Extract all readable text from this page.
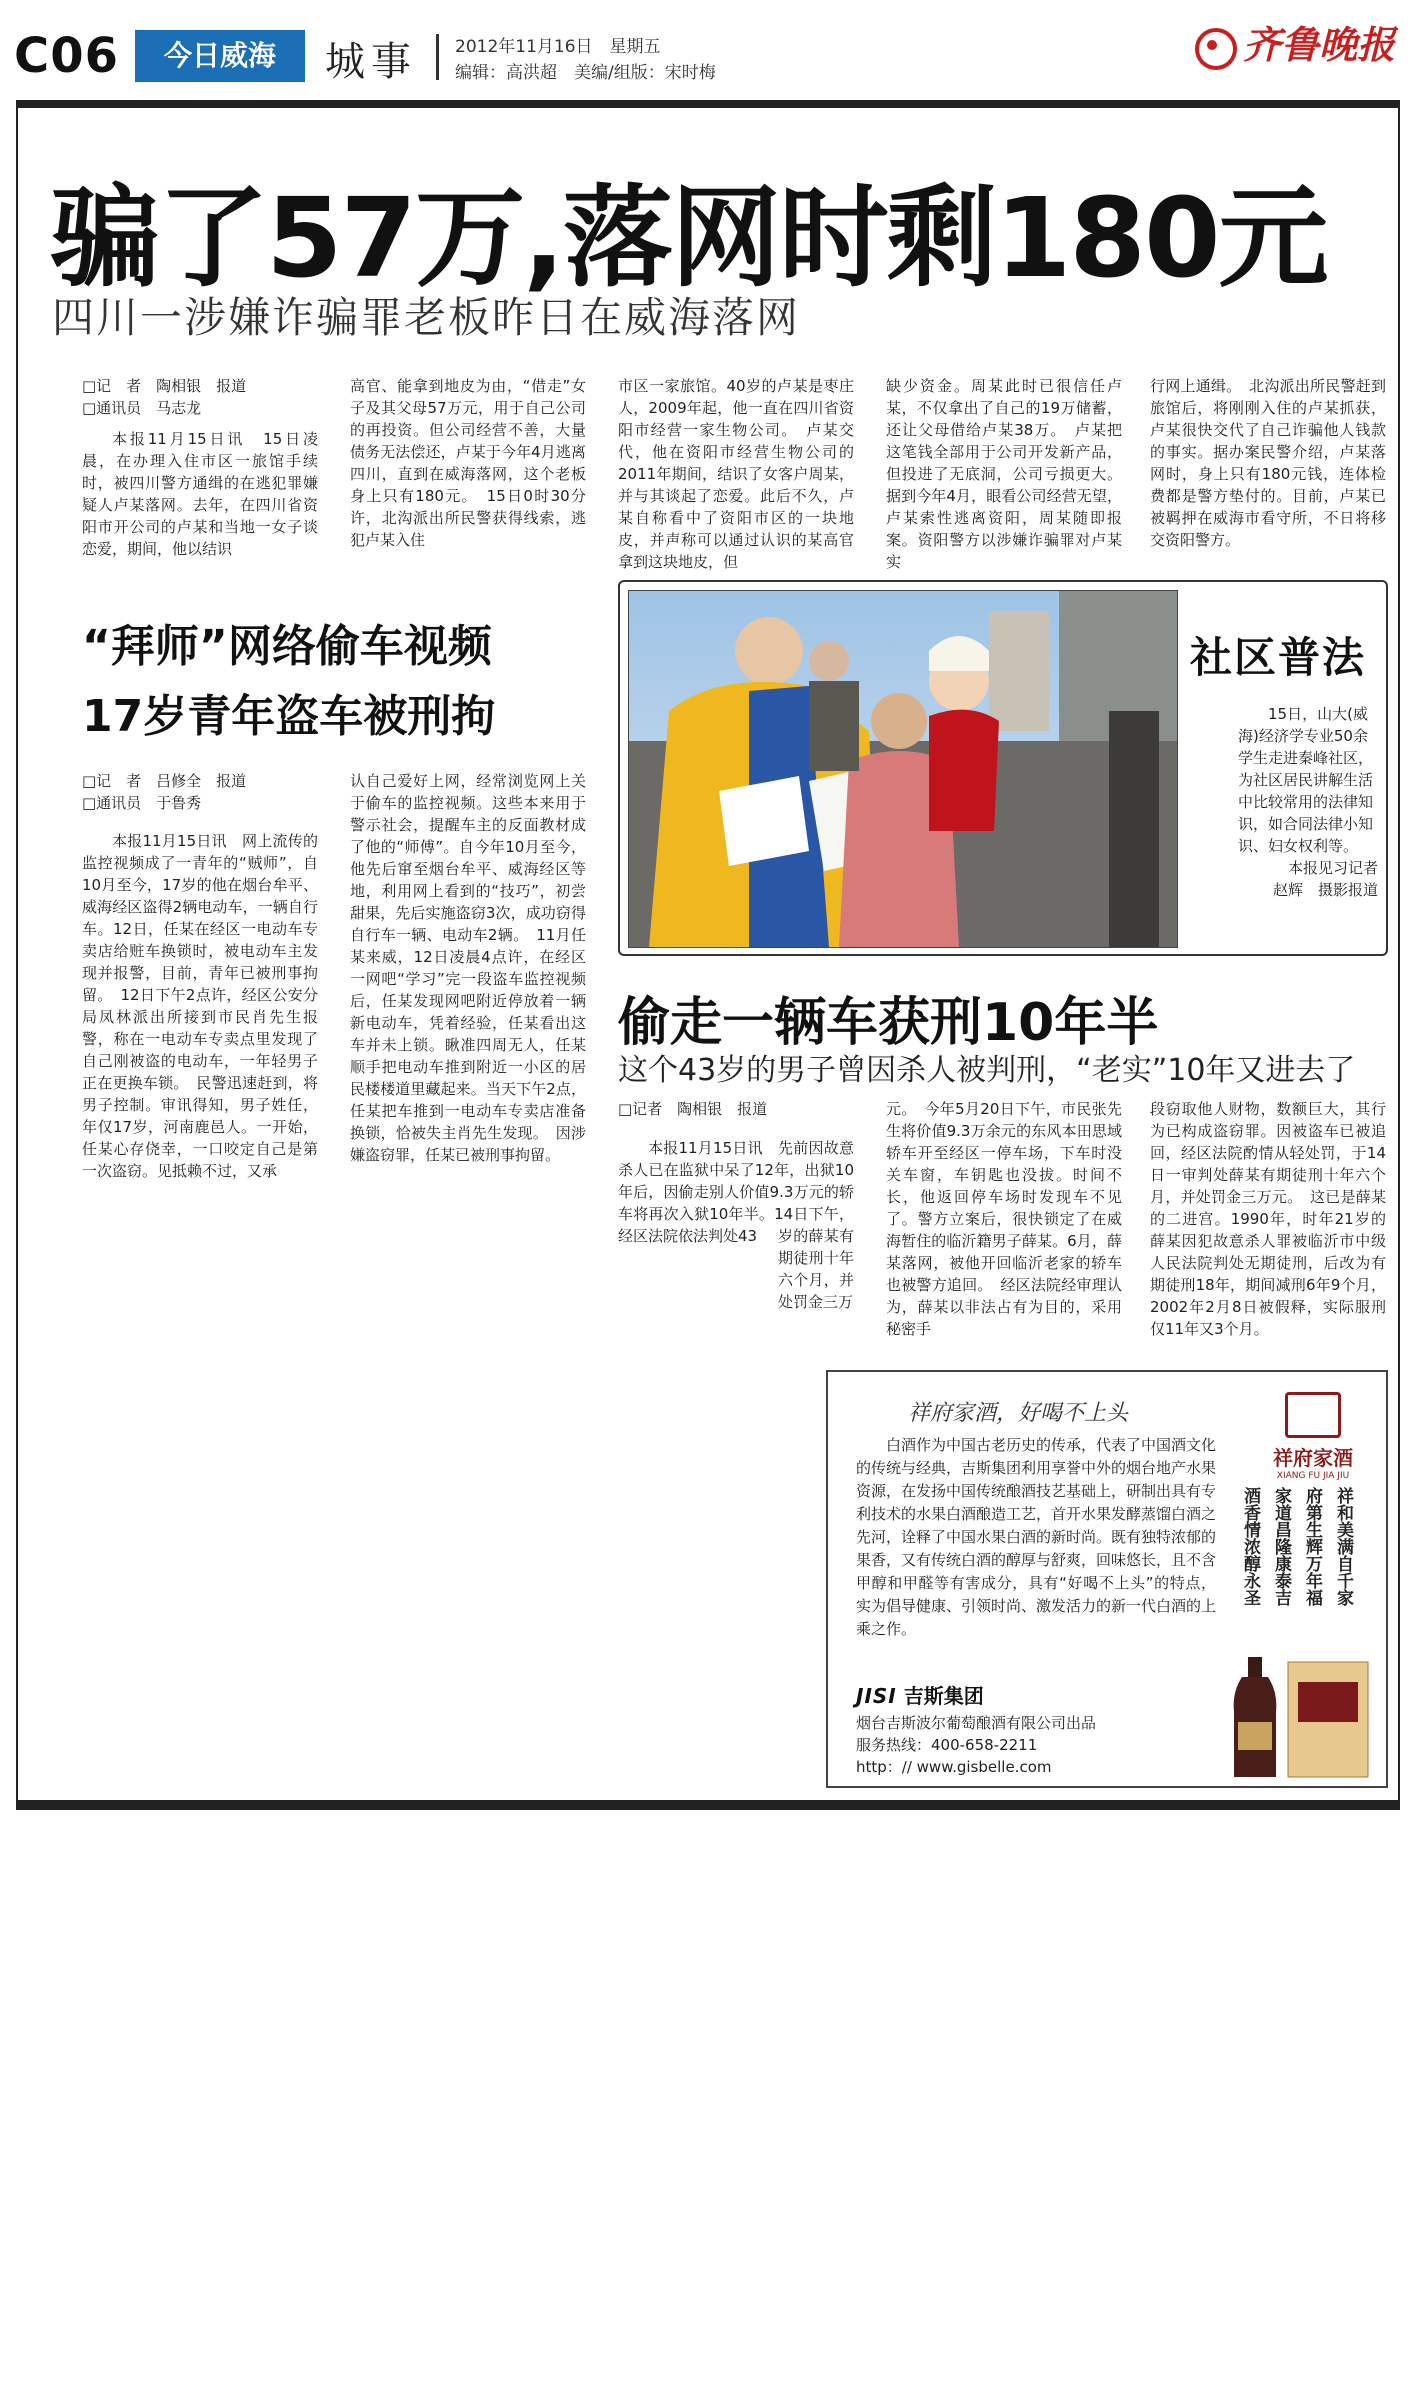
C06	今日威海	城事 2012年11月16日　星期五
编辑：高洪超　美编/组版：宋时梅
齐鲁晚报
骗了57万,落网时剩180元
四川一涉嫌诈骗罪老板昨日在威海落网
□记　者　陶相银　报道
□通讯员　马志龙
本报11月15日讯　15日凌晨，在办理入住市区一旅馆手续时，被四川警方通缉的在逃犯罪嫌疑人卢某落网。去年，在四川省资阳市开公司的卢某和当地一女子谈恋爱，期间，他以结识
高官、能拿到地皮为由，“借走”女子及其父母57万元，用于自己公司的再投资。但公司经营不善，大量债务无法偿还，卢某于今年4月逃离四川，直到在威海落网，这个老板身上只有180元。　15日0时30分许，北沟派出所民警获得线索，逃犯卢某入住
市区一家旅馆。40岁的卢某是枣庄人，2009年起，他一直在四川省资阳市经营一家生物公司。　卢某交代，他在资阳市经营生物公司的2011年期间，结识了女客户周某，并与其谈起了恋爱。此后不久，卢某自称看中了资阳市区的一块地皮，并声称可以通过认识的某高官拿到这块地皮，但
缺少资金。周某此时已很信任卢某，不仅拿出了自己的19万储蓄，还让父母借给卢某38万。　卢某把这笔钱全部用于公司开发新产品，但投进了无底洞，公司亏损更大。据到今年4月，眼看公司经营无望，卢某索性逃离资阳，周某随即报案。资阳警方以涉嫌诈骗罪对卢某实
行网上通缉。　北沟派出所民警赶到旅馆后，将刚刚入住的卢某抓获，卢某很快交代了自己诈骗他人钱款的事实。据办案民警介绍，卢某落网时，身上只有180元钱，连体检费都是警方垫付的。目前，卢某已被羁押在威海市看守所，不日将移交资阳警方。
“拜师”网络偷车视频
17岁青年盗车被刑拘
□记　者　吕修全　报道
□通讯员　于鲁秀
本报11月15日讯　网上流传的监控视频成了一青年的“贼师”，自10月至今，17岁的他在烟台牟平、威海经区盗得2辆电动车，一辆自行车。12日，任某在经区一电动车专卖店给赃车换锁时，被电动车主发现并报警，目前，青年已被刑事拘留。　12日下午2点许，经区公安分局凤林派出所接到市民肖先生报警，称在一电动车专卖点里发现了自己刚被盗的电动车，一年轻男子正在更换车锁。　民警迅速赶到，将男子控制。审讯得知，男子姓任，年仅17岁，河南鹿邑人。一开始，任某心存侥幸，一口咬定自己是第一次盗窃。见抵赖不过，又承
认自己爱好上网，经常浏览网上关于偷车的监控视频。这些本来用于警示社会，提醒车主的反面教材成了他的“师傅”。自今年10月至今，他先后窜至烟台牟平、威海经区等地，利用网上看到的“技巧”，初尝甜果，先后实施盗窃3次，成功窃得自行车一辆、电动车2辆。　11月任某来威，12日凌晨4点许，在经区一网吧“学习”完一段盗车监控视频后，任某发现网吧附近停放着一辆新电动车，凭着经验，任某看出这车并未上锁。瞅准四周无人，任某顺手把电动车推到附近一小区的居民楼楼道里藏起来。当天下午2点，任某把车推到一电动车专卖店准备换锁，恰被失主肖先生发现。　因涉嫌盗窃罪，任某已被刑事拘留。
社区普法
15日，山大(威海)经济学专业50余学生走进秦峰社区，为社区居民讲解生活中比较常用的法律知识，如合同法律小知识、妇女权利等。
本报见习记者
赵辉　摄影报道
偷走一辆车获刑10年半
这个43岁的男子曾因杀人被判刑，“老实”10年又进去了
□记者　陶相银　报道
本报11月15日讯　先前因故意杀人已在监狱中呆了12年，出狱10年后，因偷走别人价值9.3万元的轿车将再次入狱10年半。14日下午，经区法院依法判处43	岁的薛某有期徒刑十年六个月，并处罚金三万
元。　今年5月20日下午，市民张先生将价值9.3万余元的东风本田思域轿车开至经区一停车场，下车时没关车窗，车钥匙也没拔。时间不长，他返回停车场时发现车不见了。警方立案后，很快锁定了在威海暂住的临沂籍男子薛某。6月，薛某落网，被他开回临沂老家的轿车也被警方追回。　经区法院经审理认为，薛某以非法占有为目的，采用秘密手
段窃取他人财物，数额巨大，其行为已构成盗窃罪。因被盗车已被追回，经区法院酌情从轻处罚，于14日一审判处薛某有期徒刑十年六个月，并处罚金三万元。　这已是薛某的二进宫。1990年，时年21岁的薛某因犯故意杀人罪被临沂市中级人民法院判处无期徒刑，后改为有期徒刑18年，期间减刑6年9个月，2002年2月8日被假释，实际服刑仅11年又3个月。
祥府家酒，好喝不上头
白酒作为中国古老历史的传承，代表了中国酒文化的传统与经典，吉斯集团利用享誉中外的烟台地产水果资源，在发扬中国传统酿酒技艺基础上，研制出具有专利技术的水果白酒酿造工艺，首开水果发酵蒸馏白酒之先河，诠释了中国水果白酒的新时尚。既有独特浓郁的果香，又有传统白酒的醇厚与舒爽，回味悠长，且不含甲醇和甲醛等有害成分，具有“好喝不上头”的特点，实为倡导健康、引领时尚、激发活力的新一代白酒的上乘之作。
JISI 吉斯集团
烟台吉斯波尔葡萄酿酒有限公司出品
服务热线：400-658-2211
http：// www.gisbelle.com
祥府家酒
XIANG FU JIA JIU
祥和美满自千家
府第生辉万年福
家道昌隆康泰吉
酒香情浓醇永圣
